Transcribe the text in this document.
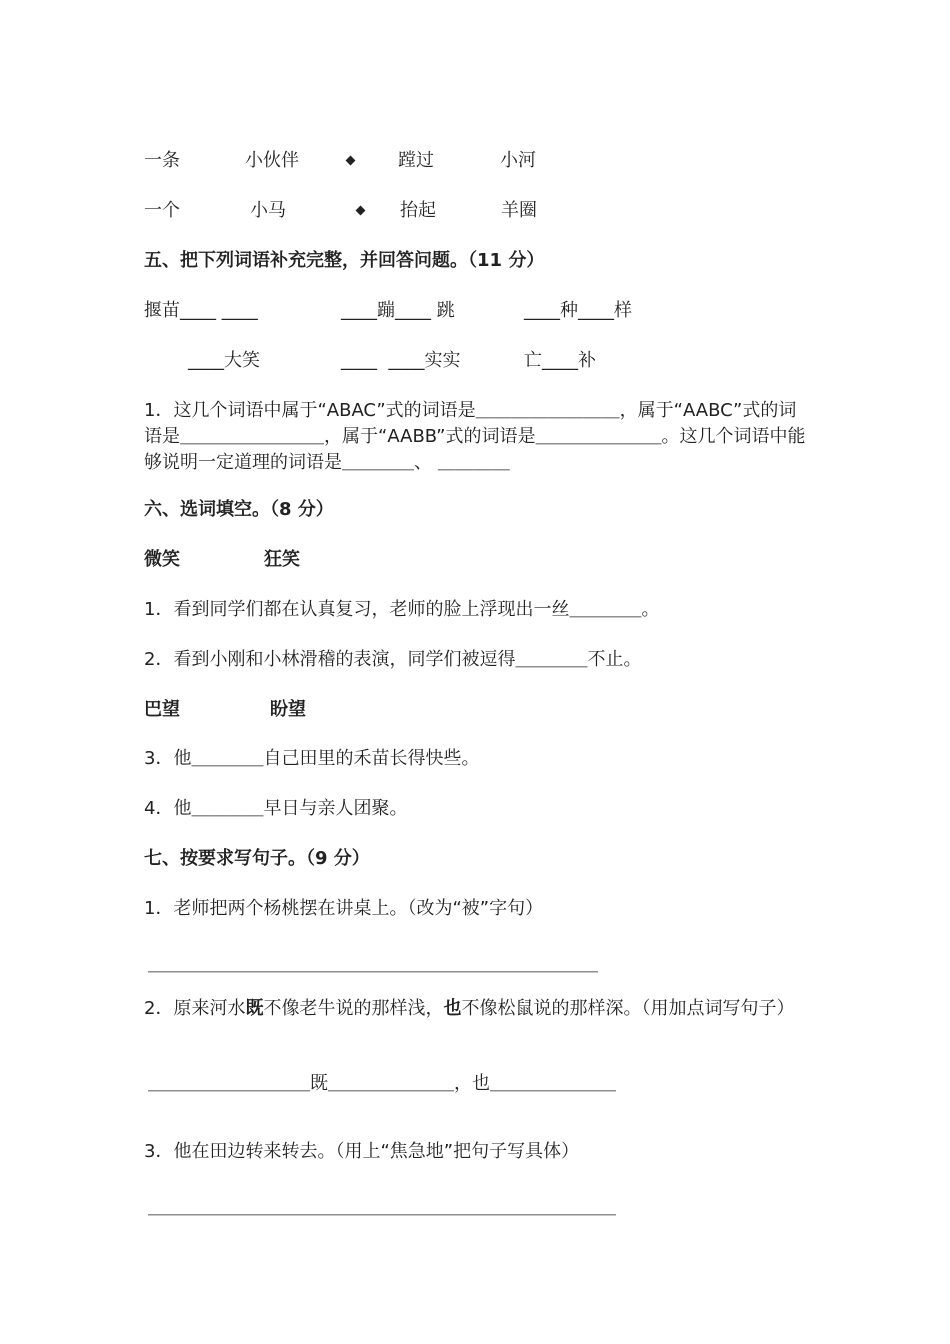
一条	小伙伴	蹚过	小河
一个	小马	抬起	羊圈
五、把下列词语补充完整，并回答问题。（11 分）
揠苗____ ____	____蹦____ 跳	____种____样
____大笑	____  ____实实	亡____补
1．这几个词语中属于“ABAC”式的词语是＿＿＿＿＿＿＿＿，属于“AABC”式的词语是＿＿＿＿＿＿＿＿，属于“AABB”式的词语是＿＿＿＿＿＿＿。这几个词语中能够说明一定道理的词语是＿＿＿＿、 ＿＿＿＿
六、选词填空。（8 分）
微笑	狂笑
1．看到同学们都在认真复习，老师的脸上浮现出一丝＿＿＿＿。
2．看到小刚和小林滑稽的表演，同学们被逗得＿＿＿＿不止。
巴望	盼望
3．他＿＿＿＿自己田里的禾苗长得快些。
4．他＿＿＿＿早日与亲人团聚。
七、按要求写句子。（9 分）
1．老师把两个杨桃摆在讲桌上。（改为“被”字句）
＿＿＿＿＿＿＿＿＿＿＿＿＿＿＿＿＿＿＿＿＿＿＿＿＿
2．原来河水既不像老牛说的那样浅，也不像松鼠说的那样深。（用加点词写句子）
＿＿＿＿＿＿＿＿＿既＿＿＿＿＿＿＿，也＿＿＿＿＿＿＿
3．他在田边转来转去。（用上“焦急地”把句子写具体）
＿＿＿＿＿＿＿＿＿＿＿＿＿＿＿＿＿＿＿＿＿＿＿＿＿＿
